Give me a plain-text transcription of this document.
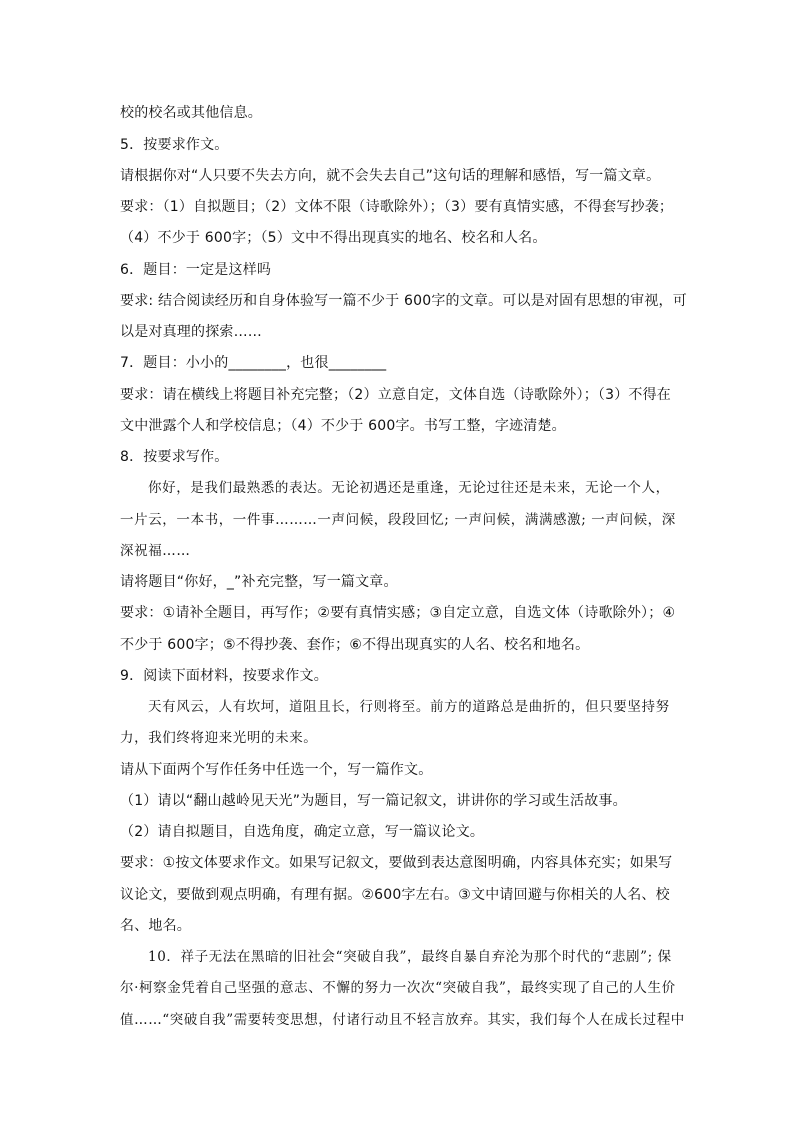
校的校名或其他信息。
5．按要求作文。
请根据你对“人只要不失去方向，就不会失去自己”这句话的理解和感悟，写一篇文章。
要求：（1）自拟题目；（2）文体不限（诗歌除外）；（3）要有真情实感，不得套写抄袭；
（4）不少于 600字；（5）文中不得出现真实的地名、校名和人名。
6．题目：一定是这样吗
要求: 结合阅读经历和自身体验写一篇不少于 600字的文章。可以是对固有思想的审视，可
以是对真理的探索……
7．题目：小小的________，也很________
要求：请在横线上将题目补充完整；（2）立意自定，文体自选（诗歌除外）；（3）不得在
文中泄露个人和学校信息；（4）不少于 600字。书写工整，字迹清楚。
8．按要求写作。
你好，是我们最熟悉的表达。无论初遇还是重逢，无论过往还是未来，无论一个人，
一片云，一本书，一件事………一声问候，段段回忆; 一声问候，满满感激; 一声问候，深
深祝福……
请将题目“你好，_”补充完整，写一篇文章。
要求：①请补全题目，再写作；②要有真情实感；③自定立意，自选文体（诗歌除外）；④
不少于 600字；⑤不得抄袭、套作；⑥不得出现真实的人名、校名和地名。
9．阅读下面材料，按要求作文。
天有风云，人有坎坷，道阻且长，行则将至。前方的道路总是曲折的，但只要坚持努
力，我们终将迎来光明的未来。
请从下面两个写作任务中任选一个，写一篇作文。
（1）请以“翻山越岭见天光”为题目，写一篇记叙文，讲讲你的学习或生活故事。
（2）请自拟题目，自选角度，确定立意，写一篇议论文。
要求：①按文体要求作文。如果写记叙文，要做到表达意图明确，内容具体充实；如果写
议论文，要做到观点明确，有理有据。②600字左右。③文中请回避与你相关的人名、校
名、地名。
10．祥子无法在黑暗的旧社会“突破自我”，最终自暴自弃沦为那个时代的“悲剧”; 保
尔·柯察金凭着自己坚强的意志、不懈的努力一次次“突破自我”，最终实现了自己的人生价
值……“突破自我”需要转变思想，付诸行动且不轻言放弃。其实，我们每个人在成长过程中
